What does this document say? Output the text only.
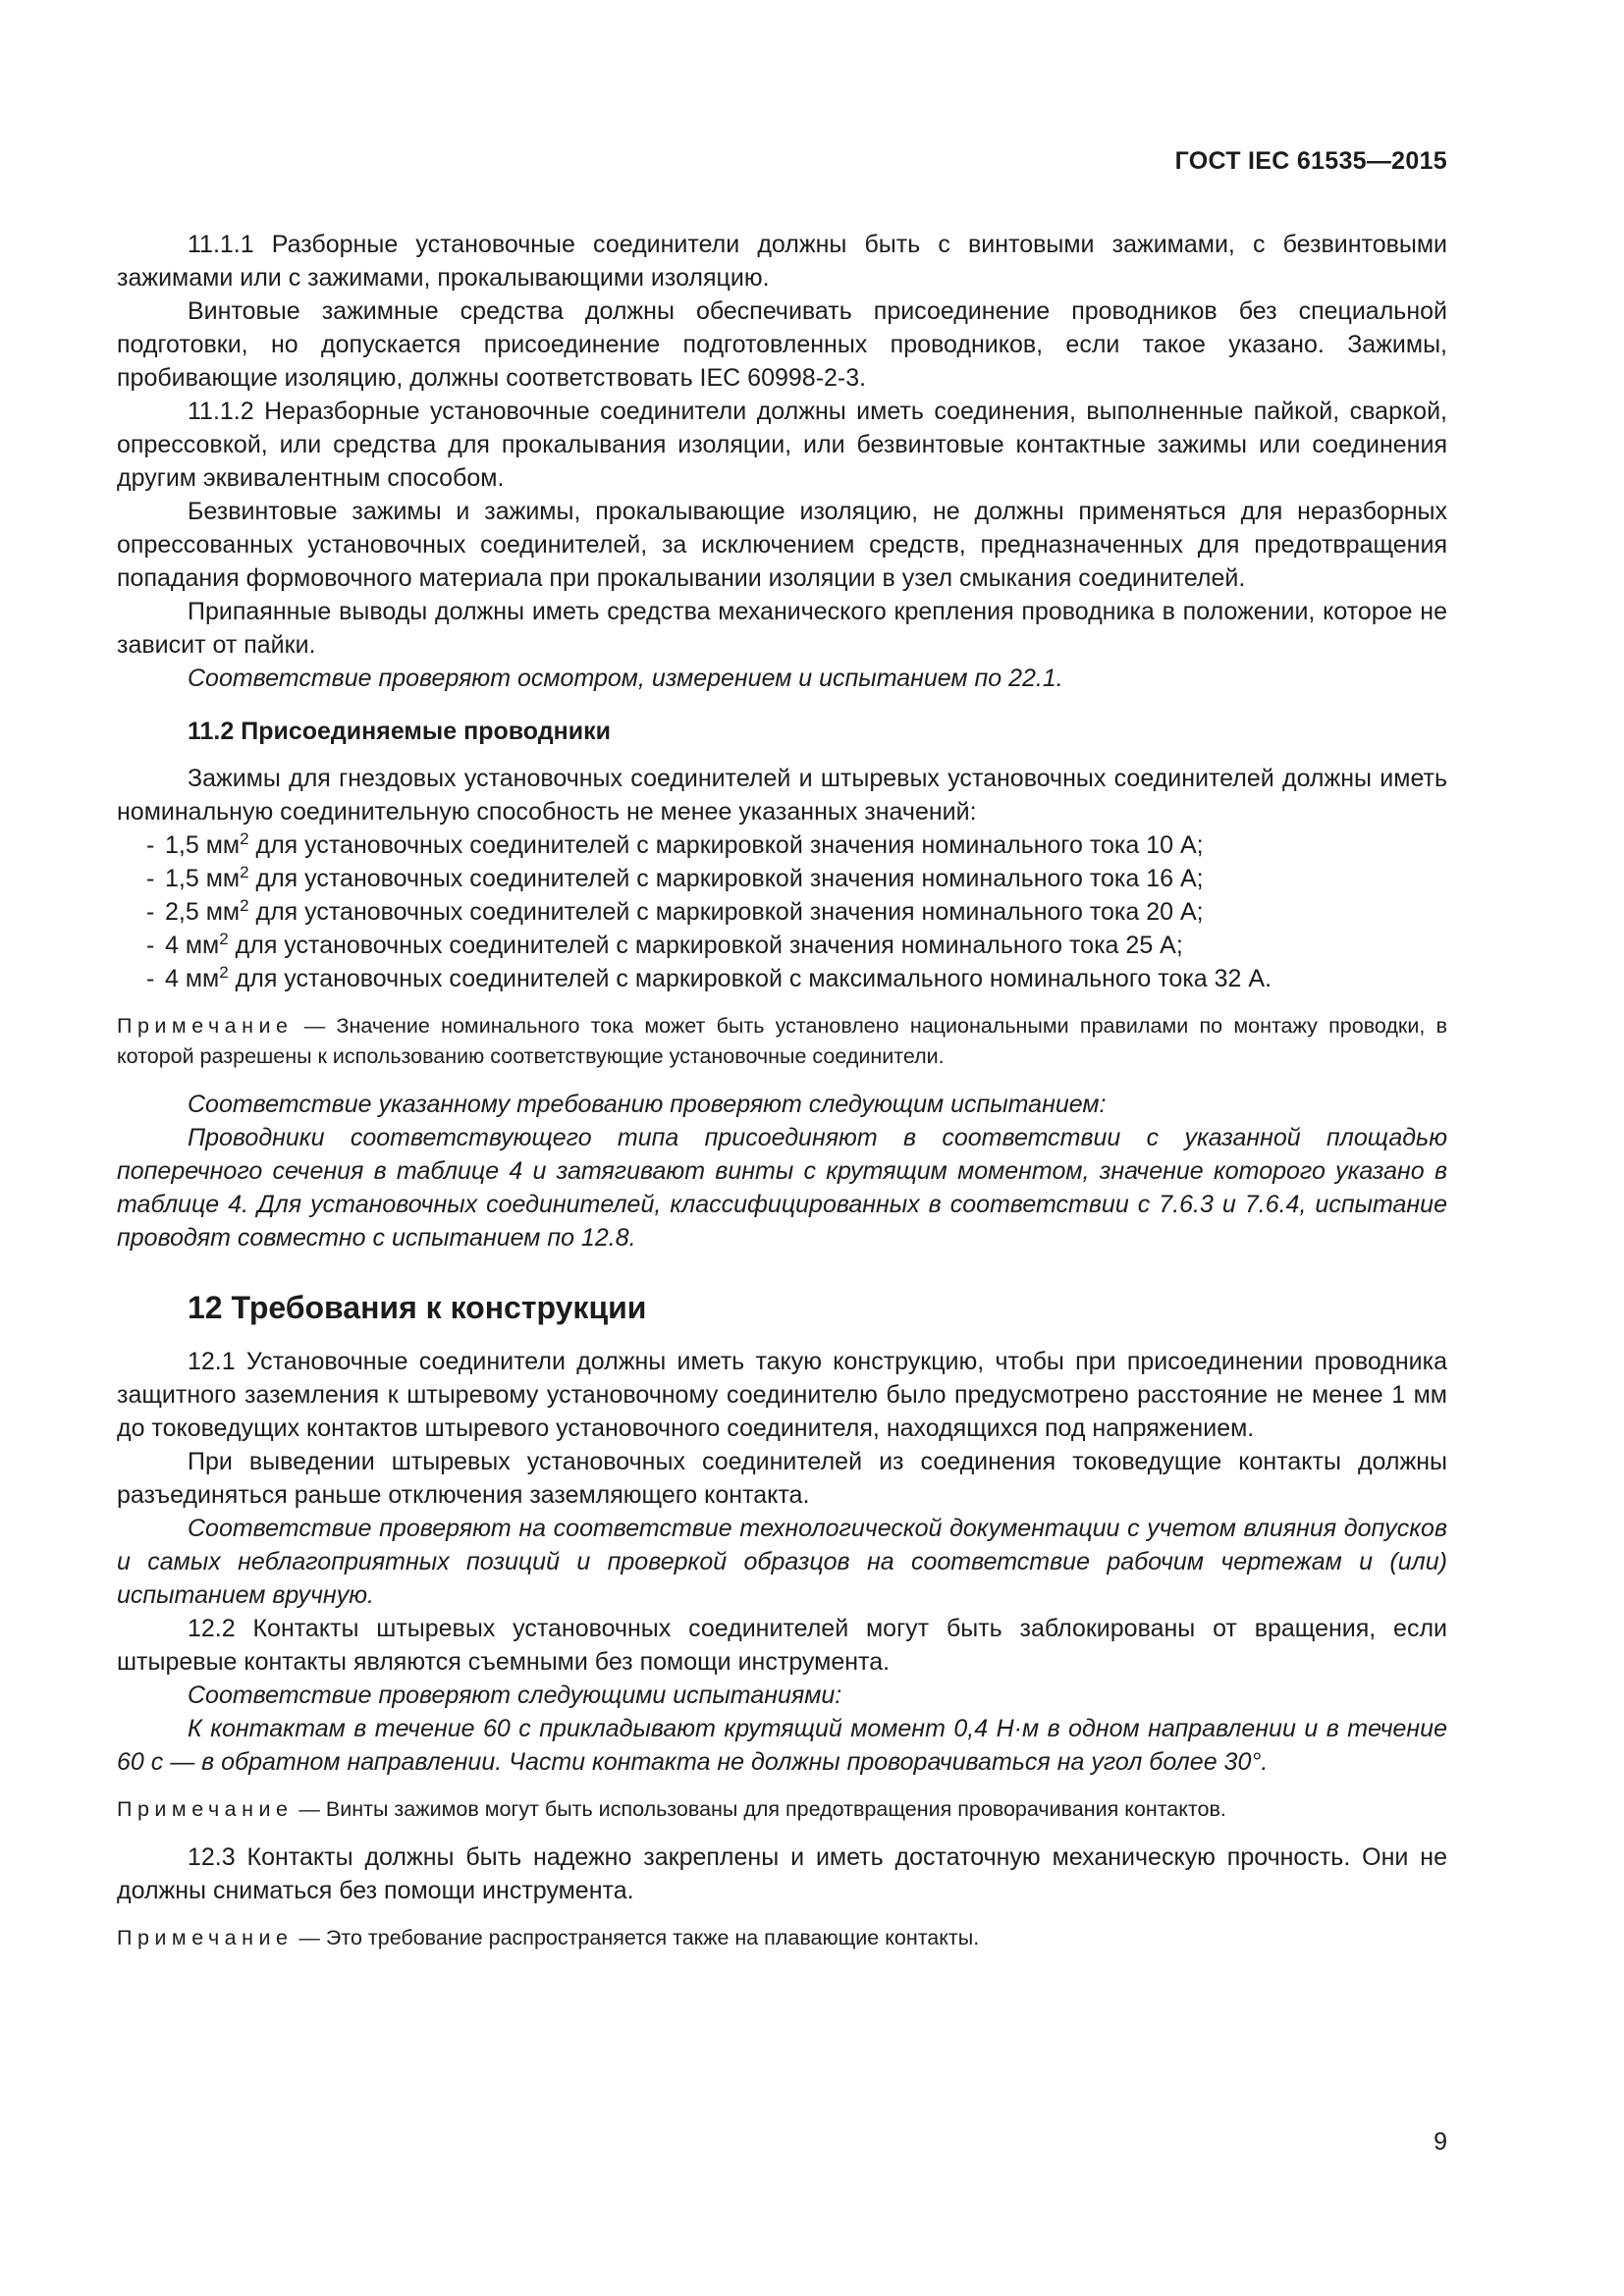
ГОСТ IEC 61535—2015

11.1.1 Разборные установочные соединители должны быть с винтовыми зажимами, с безвинтовыми зажимами или с зажимами, прокалывающими изоляцию.

Винтовые зажимные средства должны обеспечивать присоединение проводников без специальной подготовки, но допускается присоединение подготовленных проводников, если такое указано. Зажимы, пробивающие изоляцию, должны соответствовать IEC 60998-2-3.

11.1.2 Неразборные установочные соединители должны иметь соединения, выполненные пайкой, сваркой, опрессовкой, или средства для прокалывания изоляции, или безвинтовые контактные зажимы или соединения другим эквивалентным способом.

Безвинтовые зажимы и зажимы, прокалывающие изоляцию, не должны применяться для неразборных опрессованных установочных соединителей, за исключением средств, предназначенных для предотвращения попадания формовочного материала при прокалывании изоляции в узел смыкания соединителей.

Припаянные выводы должны иметь средства механического крепления проводника в положении, которое не зависит от пайки.

Соответствие проверяют осмотром, измерением и испытанием по 22.1.

11.2 Присоединяемые проводники

Зажимы для гнездовых установочных соединителей и штыревых установочных соединителей должны иметь номинальную соединительную способность не менее указанных значений:

- 1,5 $мм^2$ для установочных соединителей с маркировкой значения номинального тока 10 А;
- 1,5 $мм^2$ для установочных соединителей с маркировкой значения номинального тока 16 А;
- 2,5 $мм^2$ для установочных соединителей с маркировкой значения номинального тока 20 А;
- 4 $мм^2$ для установочных соединителей с маркировкой значения номинального тока 25 А;
- 4 $мм^2$ для установочных соединителей с маркировкой с максимального номинального тока 32 А.
Примечание — Значение номинального тока может быть установлено национальными правилами по монтажу проводки, в которой разрешены к использованию соответствующие установочные соединители.

Соответствие указанному требованию проверяют следующим испытанием:

Проводники соответствующего типа присоединяют в соответствии с указанной площадью поперечного сечения в таблице 4 и затягивают винты с крутящим моментом, значение которого указано в таблице 4. Для установочных соединителей, классифицированных в соответствии с 7.6.3 и 7.6.4, испытание проводят совместно с испытанием по 12.8.

12 Требования к конструкции

12.1 Установочные соединители должны иметь такую конструкцию, чтобы при присоединении проводника защитного заземления к штыревому установочному соединителю было предусмотрено расстояние не менее 1 мм до токоведущих контактов штыревого установочного соединителя, находящихся под напряжением.

При выведении штыревых установочных соединителей из соединения токоведущие контакты должны разъединяться раньше отключения заземляющего контакта.

Соответствие проверяют на соответствие технологической документации с учетом влияния допусков и самых неблагоприятных позиций и проверкой образцов на соответствие рабочим чертежам и (или) испытанием вручную.

12.2 Контакты штыревых установочных соединителей могут быть заблокированы от вращения, если штыревые контакты являются съемными без помощи инструмента.

Соответствие проверяют следующими испытаниями:

К контактам в течение 60 с прикладывают крутящий момент 0,4 Н·м в одном направлении и в течение 60 с — в обратном направлении. Части контакта не должны проворачиваться на угол более 30°.

Примечание — Винты зажимов могут быть использованы для предотвращения проворачивания контактов.

12.3 Контакты должны быть надежно закреплены и иметь достаточную механическую прочность. Они не должны сниматься без помощи инструмента.

Примечание — Это требование распространяется также на плавающие контакты.
9
